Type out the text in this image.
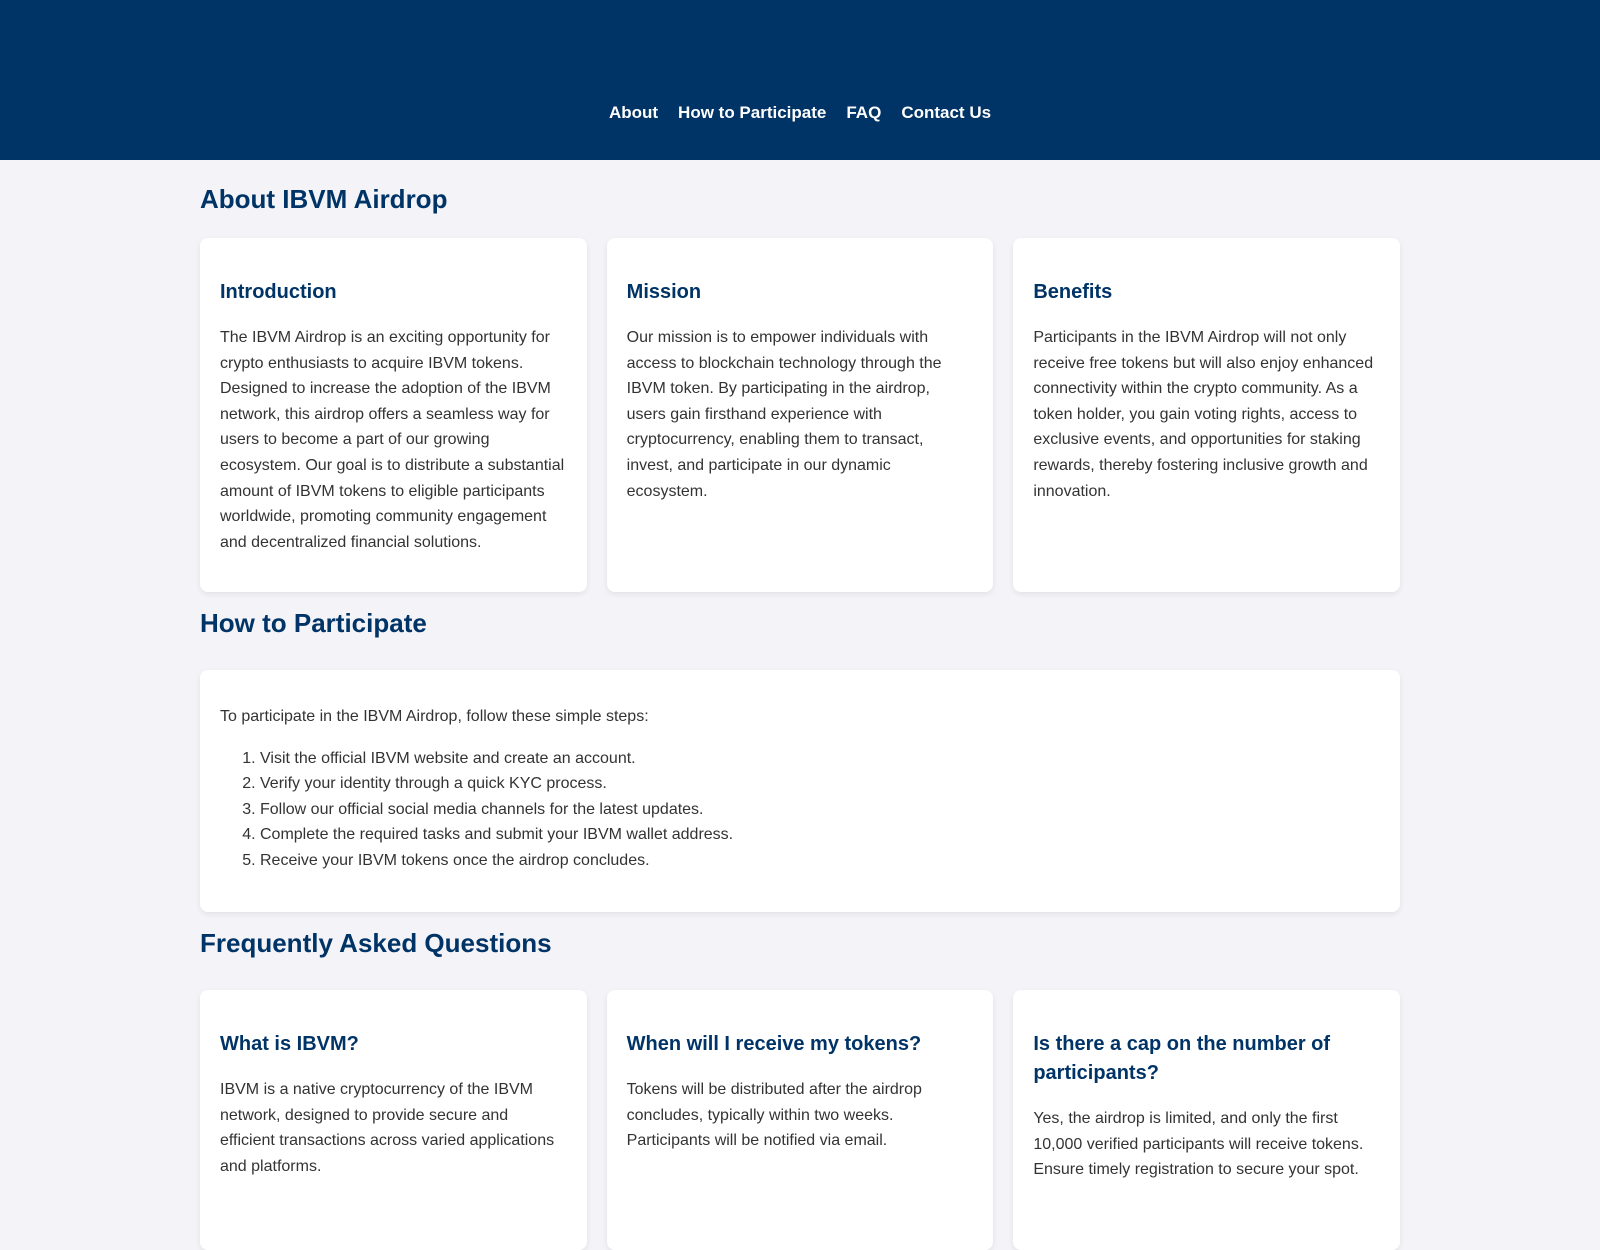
About How to Participate FAQ Contact Us
About IBVM Airdrop
Introduction

The IBVM Airdrop is an exciting opportunity for crypto enthusiasts to acquire IBVM tokens. Designed to increase the adoption of the IBVM network, this airdrop offers a seamless way for users to become a part of our growing ecosystem. Our goal is to distribute a substantial amount of IBVM tokens to eligible participants worldwide, promoting community engagement and decentralized financial solutions.

Mission

Our mission is to empower individuals with access to blockchain technology through the IBVM token. By participating in the airdrop, users gain firsthand experience with cryptocurrency, enabling them to transact, invest, and participate in our dynamic ecosystem.

Benefits

Participants in the IBVM Airdrop will not only receive free tokens but will also enjoy enhanced connectivity within the crypto community. As a token holder, you gain voting rights, access to exclusive events, and opportunities for staking rewards, thereby fostering inclusive growth and innovation.

How to Participate

To participate in the IBVM Airdrop, follow these simple steps:

1. Visit the official IBVM website and create an account.
2. Verify your identity through a quick KYC process.
3. Follow our official social media channels for the latest updates.
4. Complete the required tasks and submit your IBVM wallet address.
5. Receive your IBVM tokens once the airdrop concludes.
Frequently Asked Questions
What is IBVM?

IBVM is a native cryptocurrency of the IBVM network, designed to provide secure and efficient transactions across varied applications and platforms.

When will I receive my tokens?

Tokens will be distributed after the airdrop concludes, typically within two weeks. Participants will be notified via email.

Is there a cap on the number of participants?

Yes, the airdrop is limited, and only the first 10,000 verified participants will receive tokens. Ensure timely registration to secure your spot.
